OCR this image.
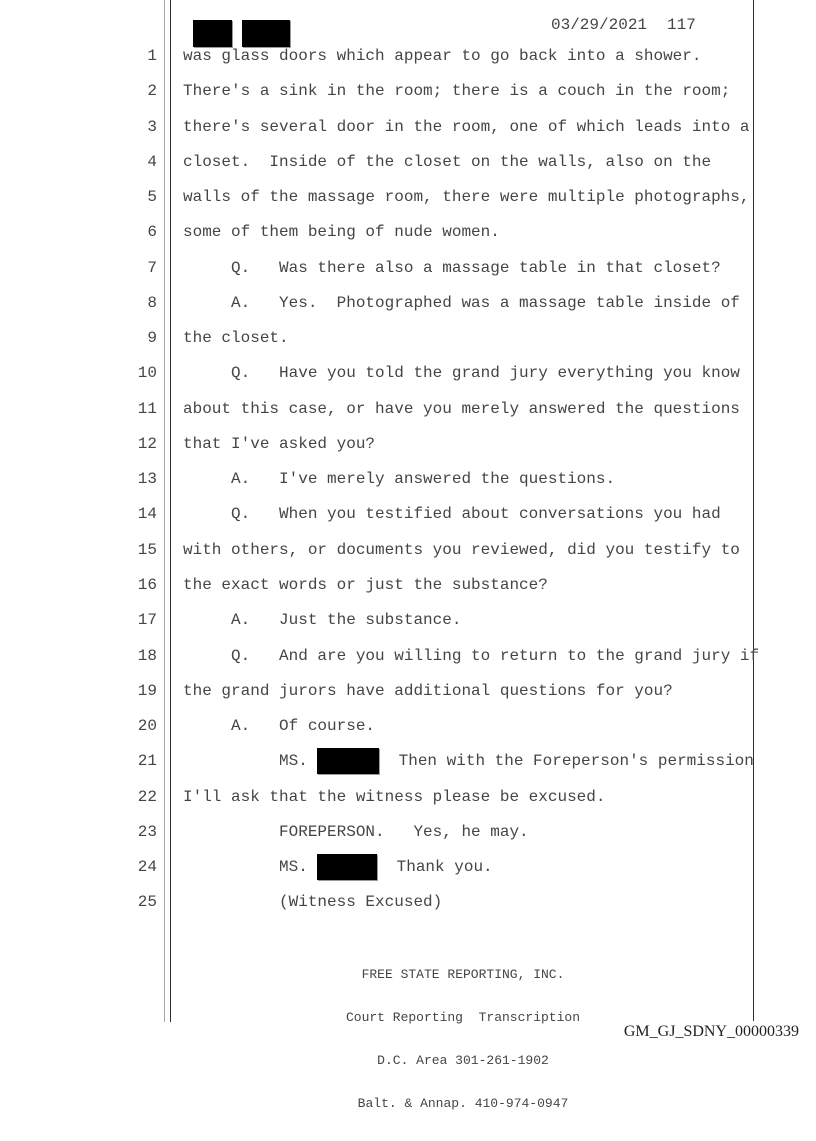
03/29/2021 117
1 was glass doors which appear to go back into a shower.
2 There's a sink in the room; there is a couch in the room;
3 there's several door in the room, one of which leads into a
4 closet.  Inside of the closet on the walls, also on the
5 walls of the massage room, there were multiple photographs,
6 some of them being of nude women.
7 Q.   Was there also a massage table in that closet?
8 A.   Yes.  Photographed was a massage table inside of
9 the closet.
10 Q.   Have you told the grand jury everything you know
11 about this case, or have you merely answered the questions
12 that I've asked you?
13 A.   I've merely answered the questions.
14 Q.   When you testified about conversations you had
15 with others, or documents you reviewed, did you testify to
16 the exact words or just the substance?
17 A.   Just the substance.
18 Q.   And are you willing to return to the grand jury if
19 the grand jurors have additional questions for you?
20 A.   Of course.
21 MS.	Then with the Foreperson's permission
22 I'll ask that the witness please be excused.
23 FOREPERSON.   Yes, he may.
24 MS.	Thank you.
25 (Witness Excused)

FREE STATE REPORTING, INC.

Court Reporting  Transcription

D.C. Area 301-261-1902

Balt. & Annap. 410-974-0947

GM_GJ_SDNY_00000339
